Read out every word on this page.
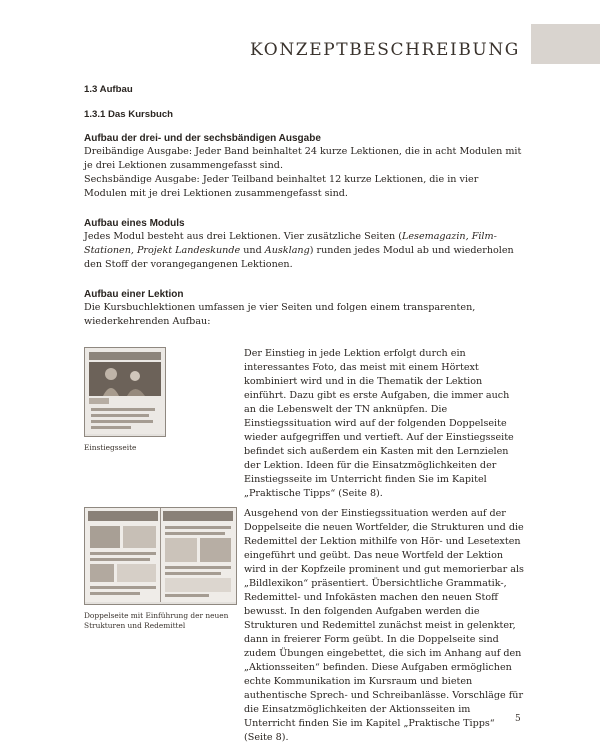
KONZEPTBESCHREIBUNG
1.3 Aufbau
1.3.1 Das Kursbuch
Aufbau der drei- und der sechsbändigen Ausgabe

Dreibändige Ausgabe: Jeder Band beinhaltet 24 kurze Lektionen, die in acht Modulen mit je drei Lektionen zusammengefasst sind.

Sechsbändige Ausgabe: Jeder Teilband beinhaltet 12 kurze Lektionen, die in vier Modulen mit je drei Lektionen zusammengefasst sind.

Aufbau eines Moduls

Jedes Modul besteht aus drei Lektionen. Vier zusätzliche Seiten (Lesemagazin, Film-Stationen, Projekt Landeskunde und Ausklang) runden jedes Modul ab und wiederholen den Stoff der vorangegangenen Lektionen.

Aufbau einer Lektion

Die Kursbuchlektionen umfassen je vier Seiten und folgen einem transparenten, wiederkehrenden Aufbau:

Einstiegsseite

Der Einstieg in jede Lektion erfolgt durch ein interessantes Foto, das meist mit einem Hörtext kombiniert wird und in die Thematik der Lektion einführt. Dazu gibt es erste Aufgaben, die immer auch an die Lebenswelt der TN anknüpfen. Die Einstiegssituation wird auf der folgenden Doppelseite wieder aufgegriffen und vertieft. Auf der Einstiegsseite befindet sich außerdem ein Kasten mit den Lernzielen der Lektion. Ideen für die Einsatzmöglichkeiten der Einstiegsseite im Unterricht finden Sie im Kapitel „Praktische Tipps“ (Seite 8).

Doppelseite mit Einführung der neuen Strukturen und Redemittel

Ausgehend von der Einstiegssituation werden auf der Doppelseite die neuen Wortfelder, die Strukturen und die Redemittel der Lektion mithilfe von Hör- und Lesetexten eingeführt und geübt. Das neue Wortfeld der Lektion wird in der Kopfzeile prominent und gut memorierbar als „Bildlexikon“ präsentiert. Übersichtliche Grammatik-, Redemittel- und Infokästen machen den neuen Stoff bewusst. In den folgenden Aufgaben werden die Strukturen und Redemittel zunächst meist in gelenkter, dann in freierer Form geübt. In die Doppelseite sind zudem Übungen eingebettet, die sich im Anhang auf den „Aktionsseiten“ befinden. Diese Aufgaben ermöglichen echte Kommunikation im Kursraum und bieten authentische Sprech- und Schreibanlässe. Vorschläge für die Einsatzmöglichkeiten der Aktionsseiten im Unterricht finden Sie im Kapitel „Praktische Tipps“ (Seite 8).

5
